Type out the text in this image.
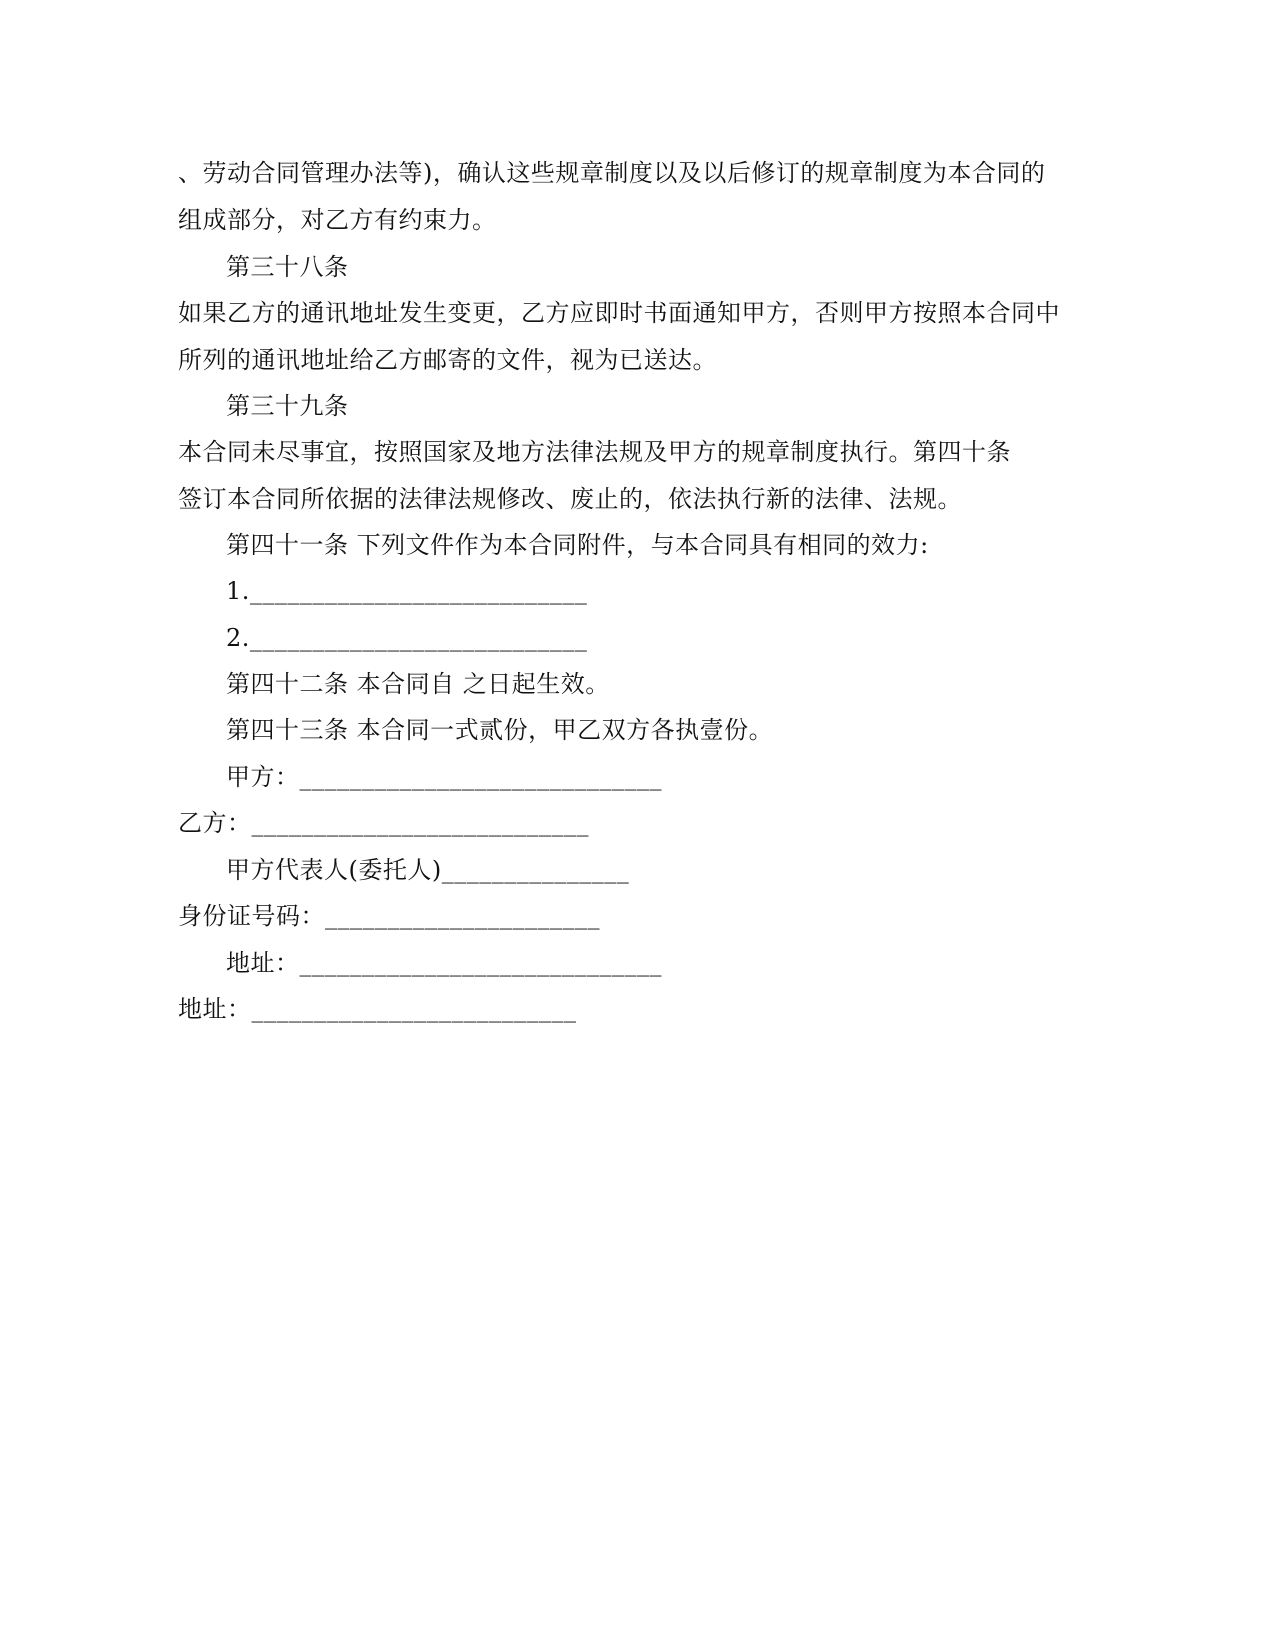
、劳动合同管理办法等)，确认这些规章制度以及以后修订的规章制度为本合同的
组成部分，对乙方有约束力。
第三十八条
如果乙方的通讯地址发生变更，乙方应即时书面通知甲方，否则甲方按照本合同中
所列的通讯地址给乙方邮寄的文件，视为已送达。
第三十九条
本合同未尽事宜，按照国家及地方法律法规及甲方的规章制度执行。第四十条
签订本合同所依据的法律法规修改、废止的，依法执行新的法律、法规。
第四十一条 下列文件作为本合同附件，与本合同具有相同的效力:
1.___________________________
2.___________________________
第四十二条 本合同自 之日起生效。
第四十三条 本合同一式贰份，甲乙双方各执壹份。
甲方：_____________________________
乙方：___________________________
甲方代表人(委托人)_______________
身份证号码：______________________
地址：_____________________________
地址：__________________________
